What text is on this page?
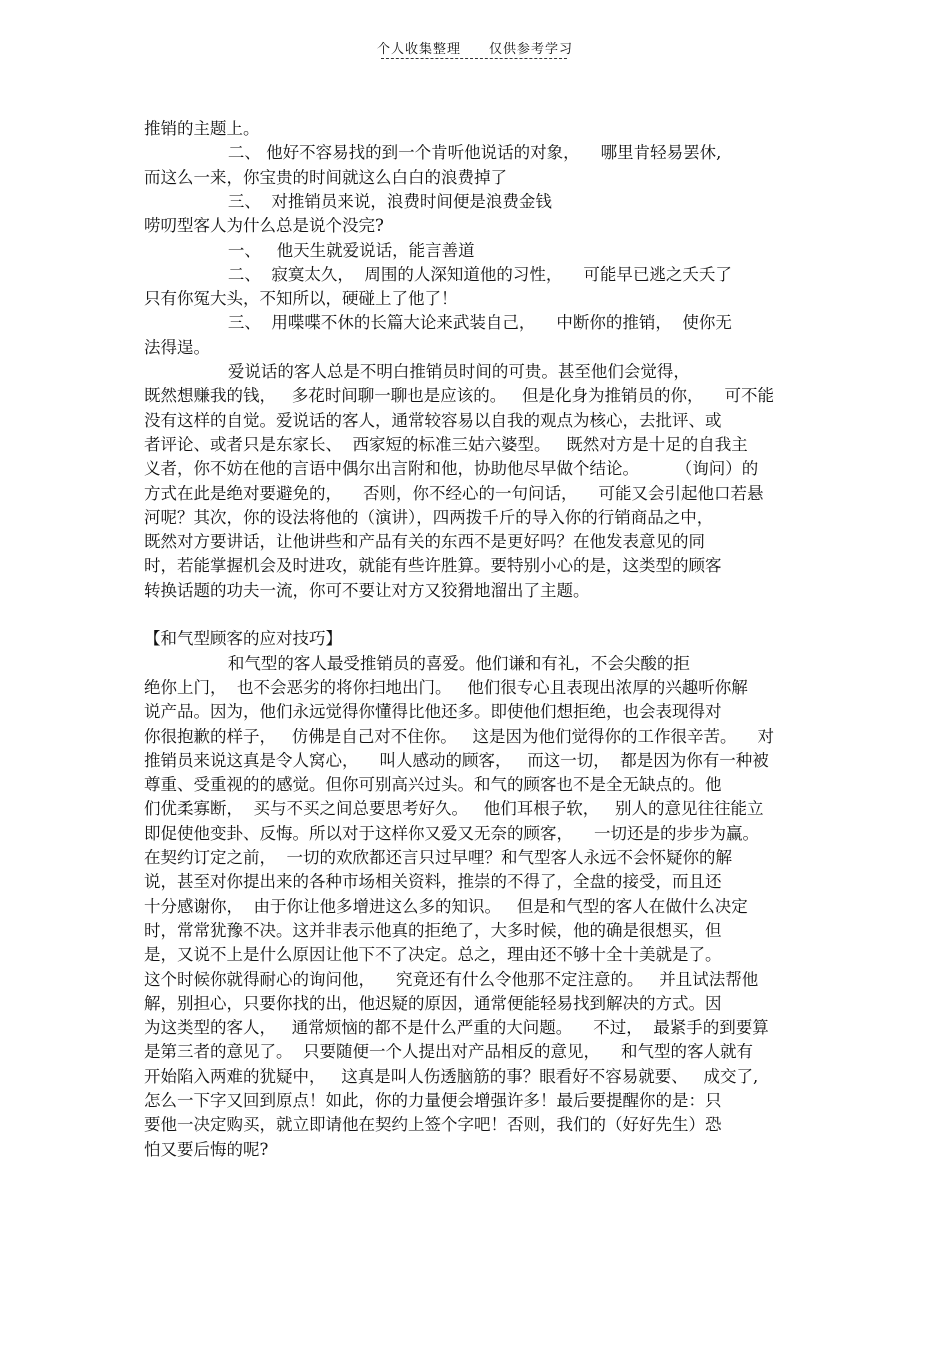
个人收集整理 仅供参考学习
推销的主题上。
二、 他好不容易找的到一个肯听他说话的对象，    哪里肯轻易罢休,
而这么一来，你宝贵的时间就这么白白的浪费掉了
三、  对推销员来说，浪费时间便是浪费金钱
唠叨型客人为什么总是说个没完?
一、   他天生就爱说话，能言善道
二、  寂寞太久，  周围的人深知道他的习性，    可能早已逃之夭夭了
只有你冤大头，不知所以，硬碰上了他了！
三、  用喋喋不休的长篇大论来武装自己，    中断你的推销，  使你无
法得逞。
爱说话的客人总是不明白推销员时间的可贵。甚至他们会觉得，
既然想赚我的钱，   多花时间聊一聊也是应该的。   但是化身为推销员的你，    可不能
没有这样的自觉。爱说话的客人，通常较容易以自我的观点为核心，去批评、或
者评论、或者只是东家长、  西家短的标准三姑六婆型。   既然对方是十足的自我主
义者，你不妨在他的言语中偶尔出言附和他，协助他尽早做个结论。       （询问）的
方式在此是绝对要避免的，    否则，你不经心的一句问话，    可能又会引起他口若悬
河呢？其次，你的设法将他的（演讲），四两拨千斤的导入你的行销商品之中，
既然对方要讲话，让他讲些和产品有关的东西不是更好吗？在他发表意见的同
时，若能掌握机会及时进攻，就能有些许胜算。要特别小心的是，这类型的顾客
转换话题的功夫一流，你可不要让对方又狡猾地溜出了主题。
【和气型顾客的应对技巧】
和气型的客人最受推销员的喜爱。他们谦和有礼，不会尖酸的拒
绝你上门，  也不会恶劣的将你扫地出门。   他们很专心且表现出浓厚的兴趣听你解
说产品。因为，他们永远觉得你懂得比他还多。即使他们想拒绝，也会表现得对
你很抱歉的样子，   仿佛是自己对不住你。   这是因为他们觉得你的工作很辛苦。    对
推销员来说这真是令人窝心，    叫人感动的顾客，   而这一切，  都是因为你有一种被
尊重、受重视的的感觉。但你可别高兴过头。和气的顾客也不是全无缺点的。他
们优柔寡断，  买与不买之间总要思考好久。   他们耳根子软，   别人的意见往往能立
即促使他变卦、反悔。所以对于这样你又爱又无奈的顾客，    一切还是的步步为赢。
在契约订定之前，  一切的欢欣都还言只过早哩？和气型客人永远不会怀疑你的解
说，甚至对你提出来的各种市场相关资料，推崇的不得了，全盘的接受，而且还
十分感谢你，  由于你让他多增进这么多的知识。   但是和气型的客人在做什么决定
时，常常犹豫不决。这并非表示他真的拒绝了，大多时候，他的确是很想买，但
是，又说不上是什么原因让他下不了决定。总之，理由还不够十全十美就是了。
这个时候你就得耐心的询问他，    究竟还有什么令他那不定注意的。   并且试法帮他
解，别担心，只要你找的出，他迟疑的原因，通常便能轻易找到解决的方式。因
为这类型的客人，   通常烦恼的都不是什么严重的大问题。    不过，  最紧手的到要算
是第三者的意见了。  只要随便一个人提出对产品相反的意见，    和气型的客人就有
开始陷入两难的犹疑中，   这真是叫人伤透脑筋的事？眼看好不容易就要、   成交了,
怎么一下字又回到原点！如此，你的力量便会增强许多！最后要提醒你的是：只
要他一决定购买，就立即请他在契约上签个字吧！否则，我们的（好好先生）恐
怕又要后悔的呢?
